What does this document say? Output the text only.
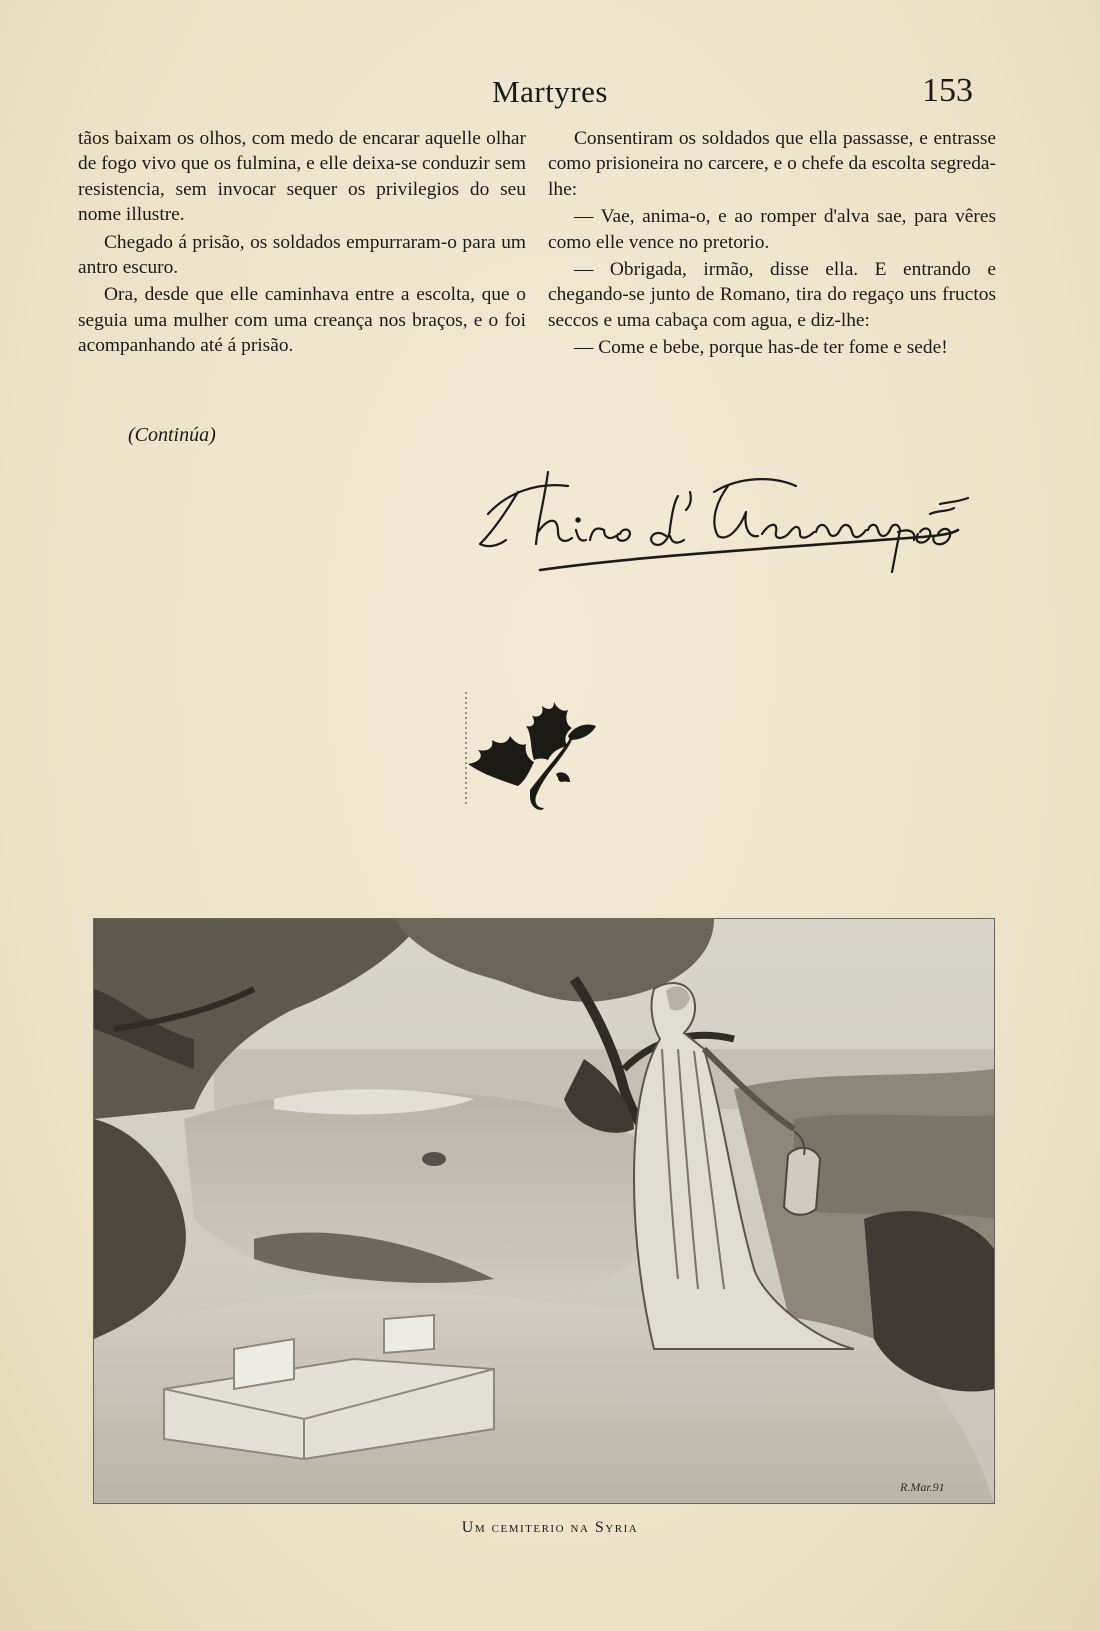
Martyres	153

tãos baixam os olhos, com medo de encarar aquelle olhar de fogo vivo que os fulmina, e elle deixa-se conduzir sem resistencia, sem invocar sequer os privilegios do seu nome illustre.

Chegado á prisão, os soldados empurraram-o para um antro escuro.

Ora, desde que elle caminhava entre a escolta, que o seguia uma mulher com uma creança nos braços, e o foi acompanhando até á prisão.

(Continúa)

Consentiram os soldados que ella passasse, e entrasse como prisioneira no carcere, e o chefe da escolta segreda-lhe:

— Vae, anima-o, e ao romper d'alva sae, para vêres como elle vence no pretorio.

— Obrigada, irmão, disse ella. E entrando e chegando-se junto de Romano, tira do regaço uns fructos seccos e uma cabaça com agua, e diz-lhe:

— Come e bebe, porque has-de ter fome e sede!

R.Mar.91
Um cemiterio na Syria
